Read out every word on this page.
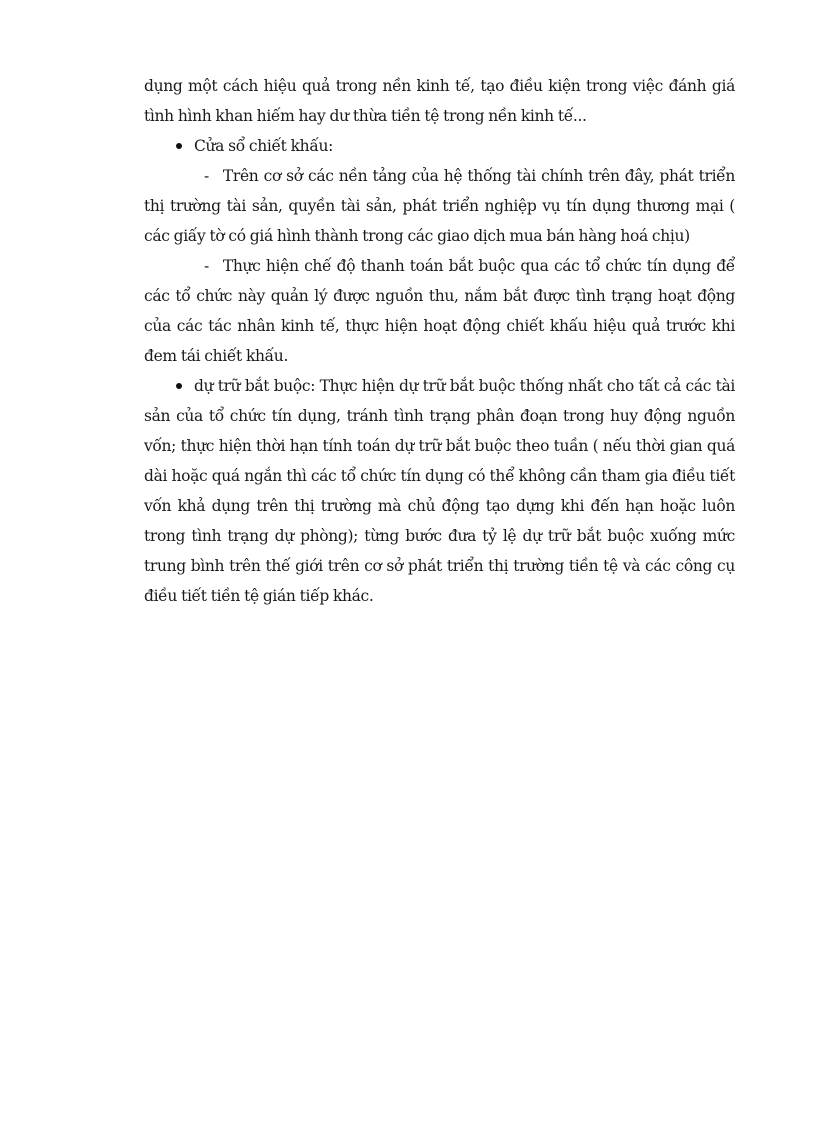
dụng một cách hiệu quả trong nền kinh tế, tạo điều kiện trong việc đánh giá tình hình khan hiếm hay dư thừa tiền tệ trong nền kinh tế...

Cửa sổ chiết khấu:

- Trên cơ sở các nền tảng của hệ thống tài chính trên đây, phát triển thị trường tài sản, quyền tài sản, phát triển nghiệp vụ tín dụng thương mại ( các giấy tờ có giá hình thành trong các giao dịch mua bán hàng hoá chịu)

- Thực hiện chế độ thanh toán bắt buộc qua các tổ chức tín dụng để các tổ chức này quản lý được nguồn thu, nắm bắt được tình trạng hoạt động của các tác nhân kinh tế, thực hiện hoạt động chiết khấu hiệu quả trước khi đem tái chiết khấu.

dự trữ bắt buộc: Thực hiện dự trữ bắt buộc thống nhất cho tất cả các tài sản của tổ chức tín dụng, tránh tình trạng phân đoạn trong huy động nguồn vốn; thực hiện thời hạn tính toán dự trữ bắt buộc theo tuần ( nếu thời gian quá dài hoặc quá ngắn thì các tổ chức tín dụng có thể không cần tham gia điều tiết vốn khả dụng trên thị trường mà chủ động tạo dựng khi đến hạn hoặc luôn trong tình trạng dự phòng); từng bước đưa tỷ lệ dự trữ bắt buộc xuống mức trung bình trên thế giới trên cơ sở phát triển thị trường tiền tệ và các công cụ điều tiết tiền tệ gián tiếp khác.
